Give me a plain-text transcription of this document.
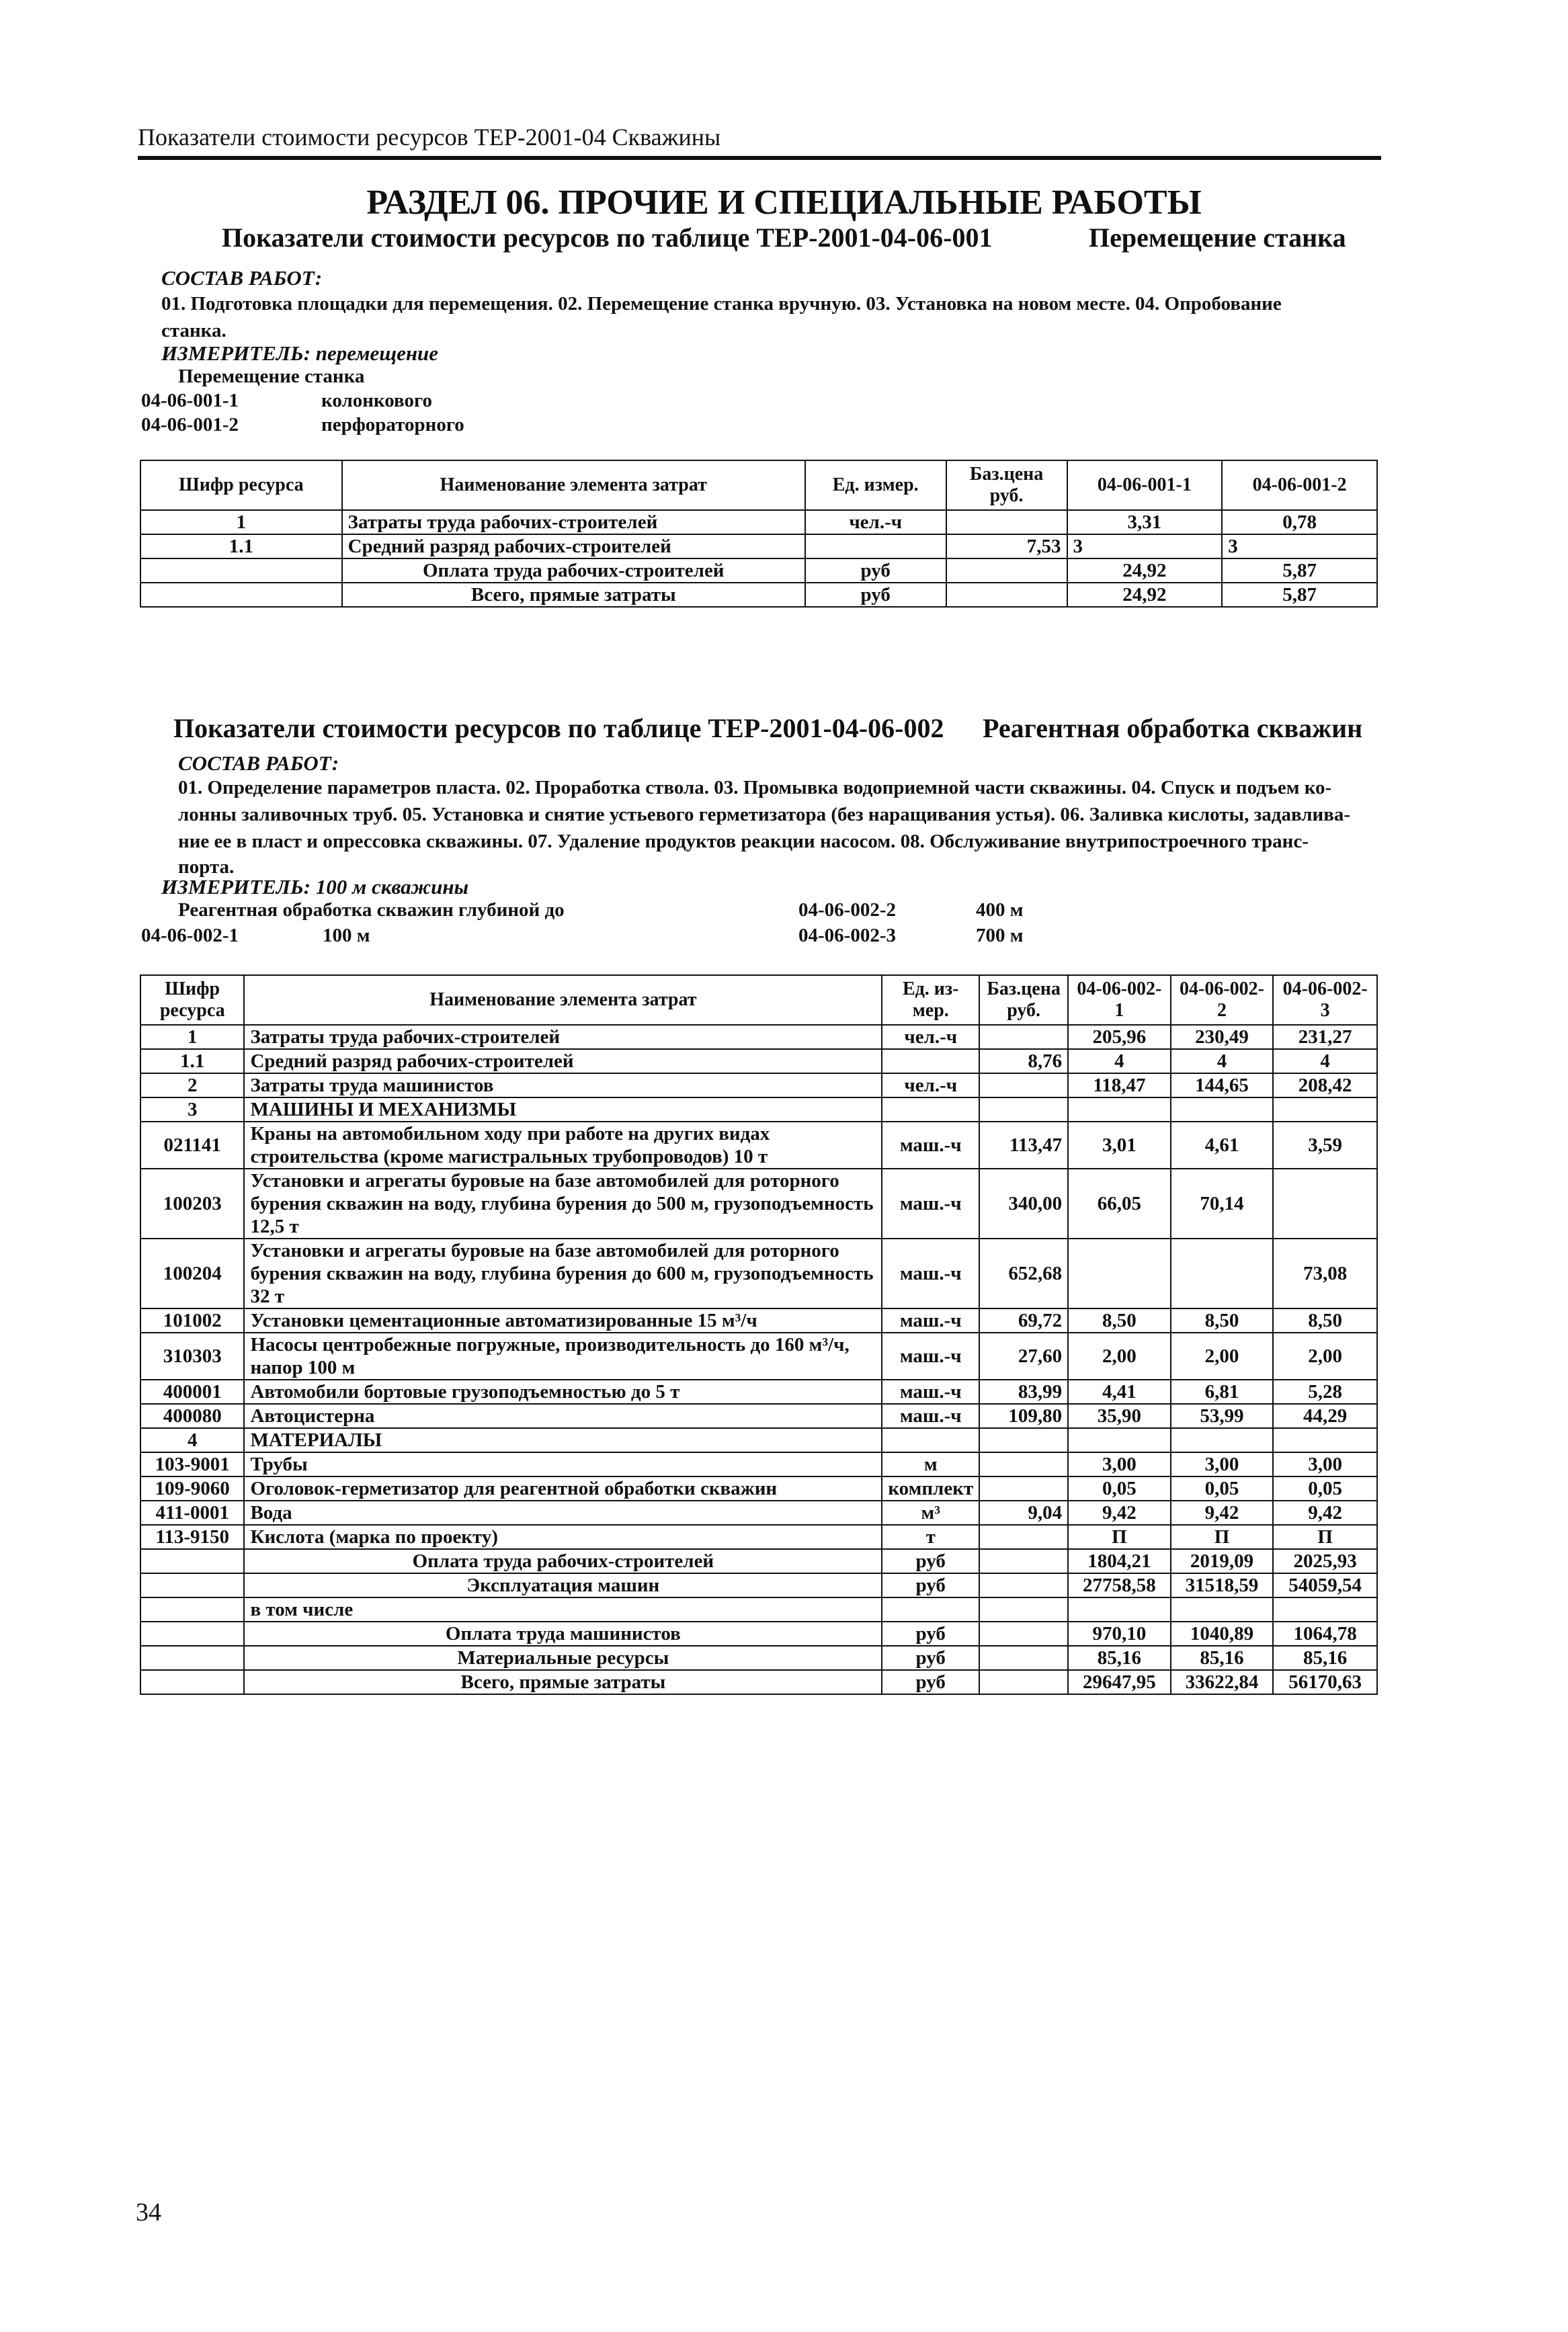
Показатели стоимости ресурсов ТЕР-2001-04 Скважины
РАЗДЕЛ 06. ПРОЧИЕ И СПЕЦИАЛЬНЫЕ РАБОТЫ
Показатели стоимости ресурсов по таблице ТЕР-2001-04-06-001	Перемещение станка
СОСТАВ РАБОТ:
01. Подготовка площадки для перемещения. 02. Перемещение станка вручную. 03. Установка на новом месте. 04. Опробование
станка.
ИЗМЕРИТЕЛЬ: перемещение
Перемещение станка
04-06-001-1	колонкового
04-06-001-2	перфораторного
Шифр ресурса	Наименование элемента затрат	Ед. измер.	Баз.цена руб.	04-06-001-1	04-06-001-2
1	Затраты труда рабочих-строителей	чел.-ч		3,31	0,78
1.1	Средний разряд рабочих-строителей		7,53	3	3
	Оплата труда рабочих-строителей	руб		24,92	5,87
	Всего, прямые затраты	руб		24,92	5,87
Показатели стоимости ресурсов по таблице ТЕР-2001-04-06-002 Реагентная обработка скважин
СОСТАВ РАБОТ:
01. Определение параметров пласта. 02. Проработка ствола. 03. Промывка водоприемной части скважины. 04. Спуск и подъем ко-
лонны заливочных труб. 05. Установка и снятие устьевого герметизатора (без наращивания устья). 06. Заливка кислоты, задавлива-
ние ее в пласт и опрессовка скважины. 07. Удаление продуктов реакции насосом. 08. Обслуживание внутрипостроечного транс-
порта.
ИЗМЕРИТЕЛЬ: 100 м скважины
Реагентная обработка скважин глубиной до
04-06-002-1	100 м
04-06-002-2	400 м
04-06-002-3	700 м
Шифр ресурса	Наименование элемента затрат	Ед. из-мер.	Баз.цена руб.	04-06-002-1	04-06-002-2	04-06-002-3
1	Затраты труда рабочих-строителей	чел.-ч		205,96	230,49	231,27
1.1	Средний разряд рабочих-строителей		8,76	4	4	4
2	Затраты труда машинистов	чел.-ч		118,47	144,65	208,42
3	МАШИНЫ И МЕХАНИЗМЫ					
021141	Краны на автомобильном ходу при работе на других видах строительства (кроме магистральных трубопроводов) 10 т	маш.-ч	113,47	3,01	4,61	3,59
100203	Установки и агрегаты буровые на базе автомобилей для роторного бурения скважин на воду, глубина бурения до 500 м, грузоподъемность 12,5 т	маш.-ч	340,00	66,05	70,14	
100204	Установки и агрегаты буровые на базе автомобилей для роторного бурения скважин на воду, глубина бурения до 600 м, грузоподъемность 32 т	маш.-ч	652,68			73,08
101002	Установки цементационные автоматизированные 15 м³/ч	маш.-ч	69,72	8,50	8,50	8,50
310303	Насосы центробежные погружные, производительность до 160 м³/ч, напор 100 м	маш.-ч	27,60	2,00	2,00	2,00
400001	Автомобили бортовые грузоподъемностью до 5 т	маш.-ч	83,99	4,41	6,81	5,28
400080	Автоцистерна	маш.-ч	109,80	35,90	53,99	44,29
4	МАТЕРИАЛЫ					
103-9001	Трубы	м		3,00	3,00	3,00
109-9060	Оголовок-герметизатор для реагентной обработки скважин	комплект		0,05	0,05	0,05
411-0001	Вода	м³	9,04	9,42	9,42	9,42
113-9150	Кислота (марка по проекту)	т		П	П	П
	Оплата труда рабочих-строителей	руб		1804,21	2019,09	2025,93
	Эксплуатация машин	руб		27758,58	31518,59	54059,54
	в том числе					
	Оплата труда машинистов	руб		970,10	1040,89	1064,78
	Материальные ресурсы	руб		85,16	85,16	85,16
	Всего, прямые затраты	руб		29647,95	33622,84	56170,63
34
